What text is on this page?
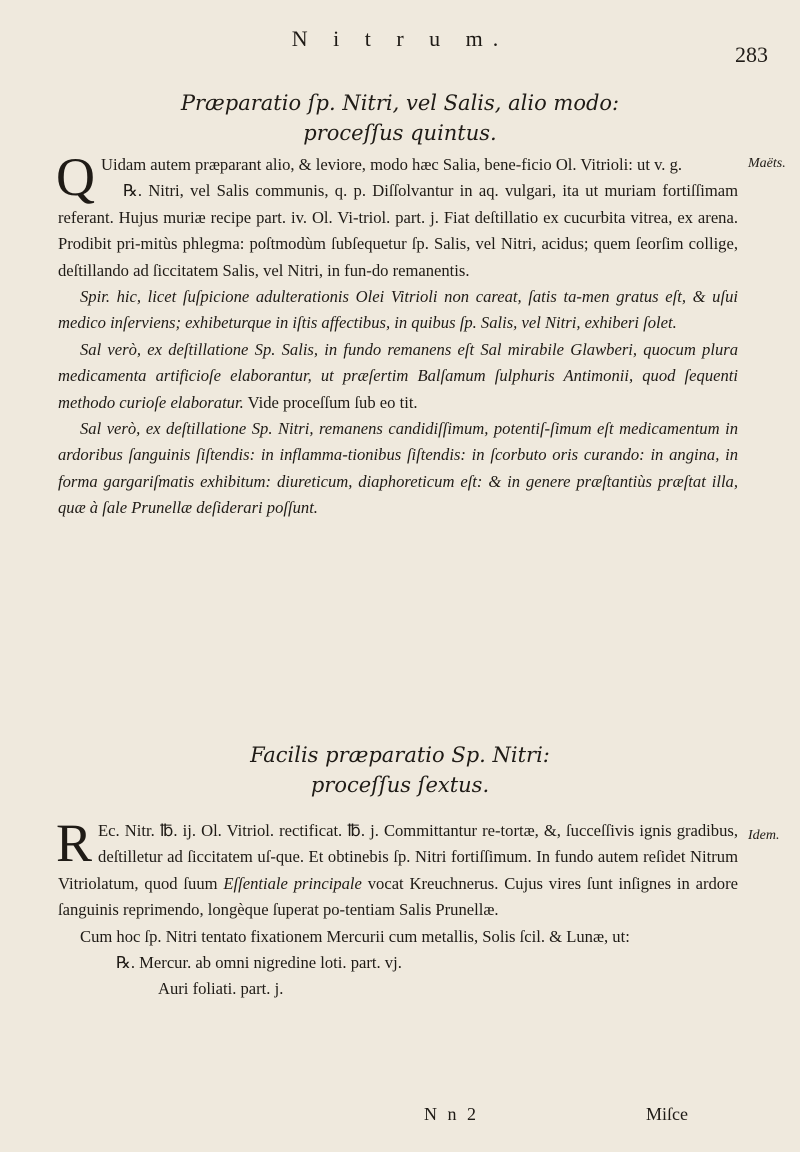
N i t r u m.
283
Præparatio ſp. Nitri, vel Salis, alio modo:
proceſſus quintus.
Maëts.

Q Uidam autem præparant alio, & leviore, modo hæc Salia, bene-ficio Ol. Vitrioli: ut v. g.

℞. Nitri, vel Salis communis, q. p. Diſſolvantur in aq. vulgari, ita ut muriam fortiſſimam referant. Hujus muriæ recipe part. iv. Ol. Vi-triol. part. j. Fiat deſtillatio ex cucurbita vitrea, ex arena. Prodibit pri-mitùs phlegma: poſtmodùm ſubſequetur ſp. Salis, vel Nitri, acidus; quem ſeorſim collige, deſtillando ad ſiccitatem Salis, vel Nitri, in fun-do remanentis.

Spir. hic, licet ſuſpicione adulterationis Olei Vitrioli non careat, ſatis ta-men gratus eſt, & uſui medico inſerviens; exhibeturque in iſtis affectibus, in quibus ſp. Salis, vel Nitri, exhiberi ſolet.

Sal verò, ex deſtillatione Sp. Salis, in fundo remanens eſt Sal mirabile Glawberi, quocum plura medicamenta artificioſe elaborantur, ut præſertim Balſamum ſulphuris Antimonii, quod ſequenti methodo curioſe elaboratur. Vide proceſſum ſub eo tit.

Sal verò, ex deſtillatione Sp. Nitri, remanens candidiſſimum, potentiſ-ſimum eſt medicamentum in ardoribus ſanguinis ſiſtendis: in inflamma-tionibus ſiſtendis: in ſcorbuto oris curando: in angina, in forma gargariſmatis exhibitum: diureticum, diaphoreticum eſt: & in genere præſtantiùs præſtat illa, quæ à ſale Prunellæ deſiderari poſſunt.

Facilis præparatio Sp. Nitri:
proceſſus ſextus.
Idem.

R Ec. Nitr. ℔. ij. Ol. Vitriol. rectificat. ℔. j. Committantur re-tortæ, &, ſucceſſivis ignis gradibus, deſtilletur ad ſiccitatem uſ-que. Et obtinebis ſp. Nitri fortiſſimum. In fundo autem reſidet Nitrum Vitriolatum, quod ſuum Eſſentiale principale vocat Kreuchnerus. Cujus vires ſunt inſignes in ardore ſanguinis reprimendo, longèque ſuperat po-tentiam Salis Prunellæ.

Cum hoc ſp. Nitri tentato fixationem Mercurii cum metallis, Solis ſcil. & Lunæ, ut:

℞. Mercur. ab omni nigredine loti. part. vj.

Auri foliati. part. j.

N n 2	Miſce
